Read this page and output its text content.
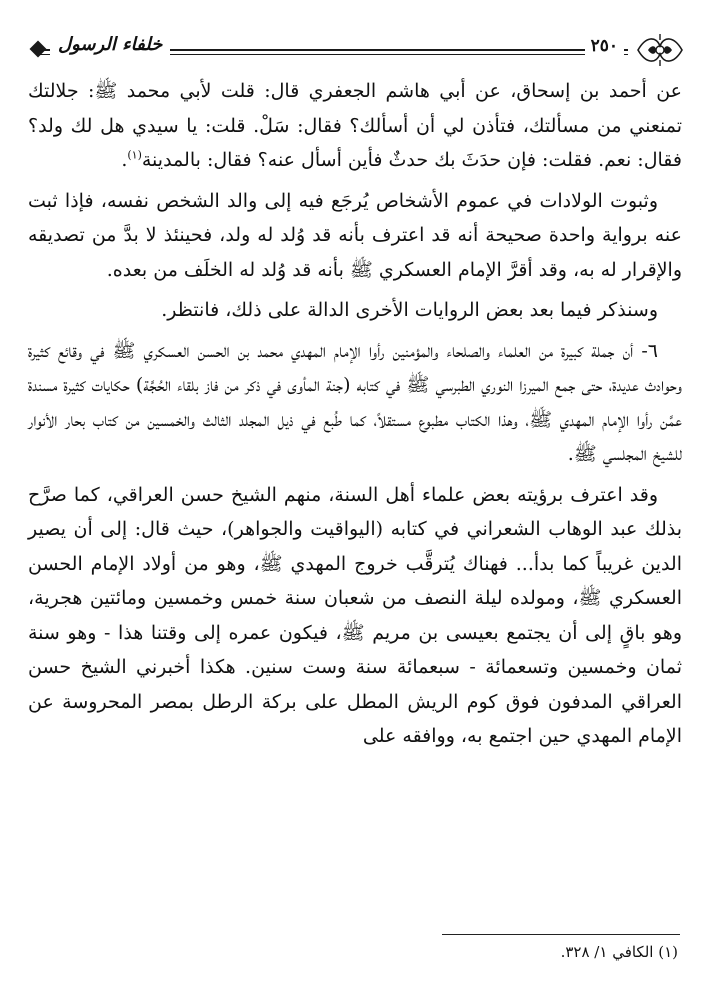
خلفاء الرسول	٢٥٠

عن أحمد بن إسحاق، عن أبي هاشم الجعفري قال: قلت لأبي محمد ﷺ: جلالتك تمنعني من مسألتك، فتأذن لي أن أسألك؟ فقال: سَلْ. قلت: يا سيدي هل لك ولد؟ فقال: نعم. فقلت: فإن حدَثَ بك حدثٌ فأين أسأل عنه؟ فقال: بالمدينة$^{(١)}$.

وثبوت الولادات في عموم الأشخاص يُرجَع فيه إلى والد الشخص نفسه، فإذا ثبت عنه برواية واحدة صحيحة أنه قد اعترف بأنه قد وُلد له ولد، فحينئذ لا بدَّ من تصديقه والإقرار له به، وقد أقرَّ الإمام العسكري ﷺ بأنه قد وُلد له الخلَف من بعده.

وسنذكر فيما بعد بعض الروايات الأخرى الدالة على ذلك، فانتظر.

٦- أن جملة كبيرة من العلماء والصلحاء والمؤمنين رأوا الإمام المهدي محمد بن الحسن العسكري ﷺ في وقائع كثيرة وحوادث عديدة، حتى جمع الميرزا النوري الطبرسي ﷺ في كتابه (جنة المأوى في ذكر من فاز بلقاء الحُجَّة) حكايات كثيرة مسندة عمَّن رأوا الإمام المهدي ﷺ، وهذا الكتاب مطبوع مستقلاً، كما طُبع في ذيل المجلد الثالث والخمسين من كتاب بحار الأنوار للشيخ المجلسي ﷺ.

وقد اعترف برؤيته بعض علماء أهل السنة، منهم الشيخ حسن العراقي، كما صرَّح بذلك عبد الوهاب الشعراني في كتابه (اليواقيت والجواهر)، حيث قال: إلى أن يصير الدين غريباً كما بدأ... فهناك يُترقَّب خروج المهدي ﷺ، وهو من أولاد الإمام الحسن العسكري ﷺ، ومولده ليلة النصف من شعبان سنة خمس وخمسين ومائتين هجرية، وهو باقٍ إلى أن يجتمع بعيسى بن مريم ﷺ، فيكون عمره إلى وقتنا هذا - وهو سنة ثمان وخمسين وتسعمائة - سبعمائة سنة وست سنين. هكذا أخبرني الشيخ حسن العراقي المدفون فوق كوم الريش المطل على بركة الرطل بمصر المحروسة عن الإمام المهدي حين اجتمع به، ووافقه على

(١) الكافي ١/ ٣٢٨.
